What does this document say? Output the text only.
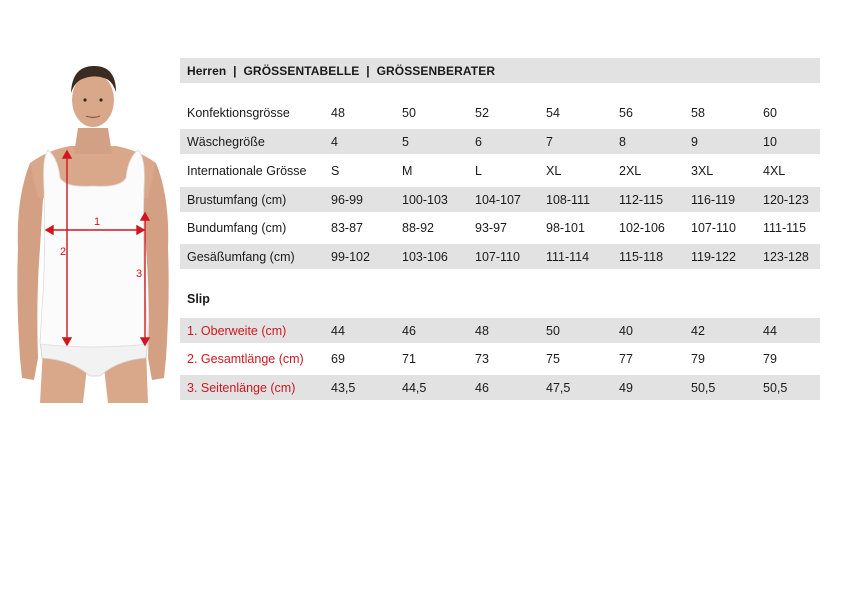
1
2
3
Herren | GRÖSSENTABELLE | GRÖSSENBERATER
Konfektionsgrösse	48	50	52	54	56	58	60
Wäschegröße	4	5	6	7	8	9	10
Internationale Grösse S	M	L	XL	2XL	3XL	4XL
Brustumfang (cm)	96-99	100-103 104-107 108-111 112-115 116-119 120-123
Bundumfang (cm)	83-87	88-92	93-97	98-101	102-106 107-110 111-115
Gesäßumfang (cm)	99-102	103-106 107-110 111-114 115-118 119-122 123-128
Slip
1. Oberweite (cm)	44	46	48	50	40	42	44
2. Gesamtlänge (cm) 69	71	73	75	77	79	79
3. Seitenlänge (cm)	43,5	44,5	46	47,5	49	50,5	50,5
